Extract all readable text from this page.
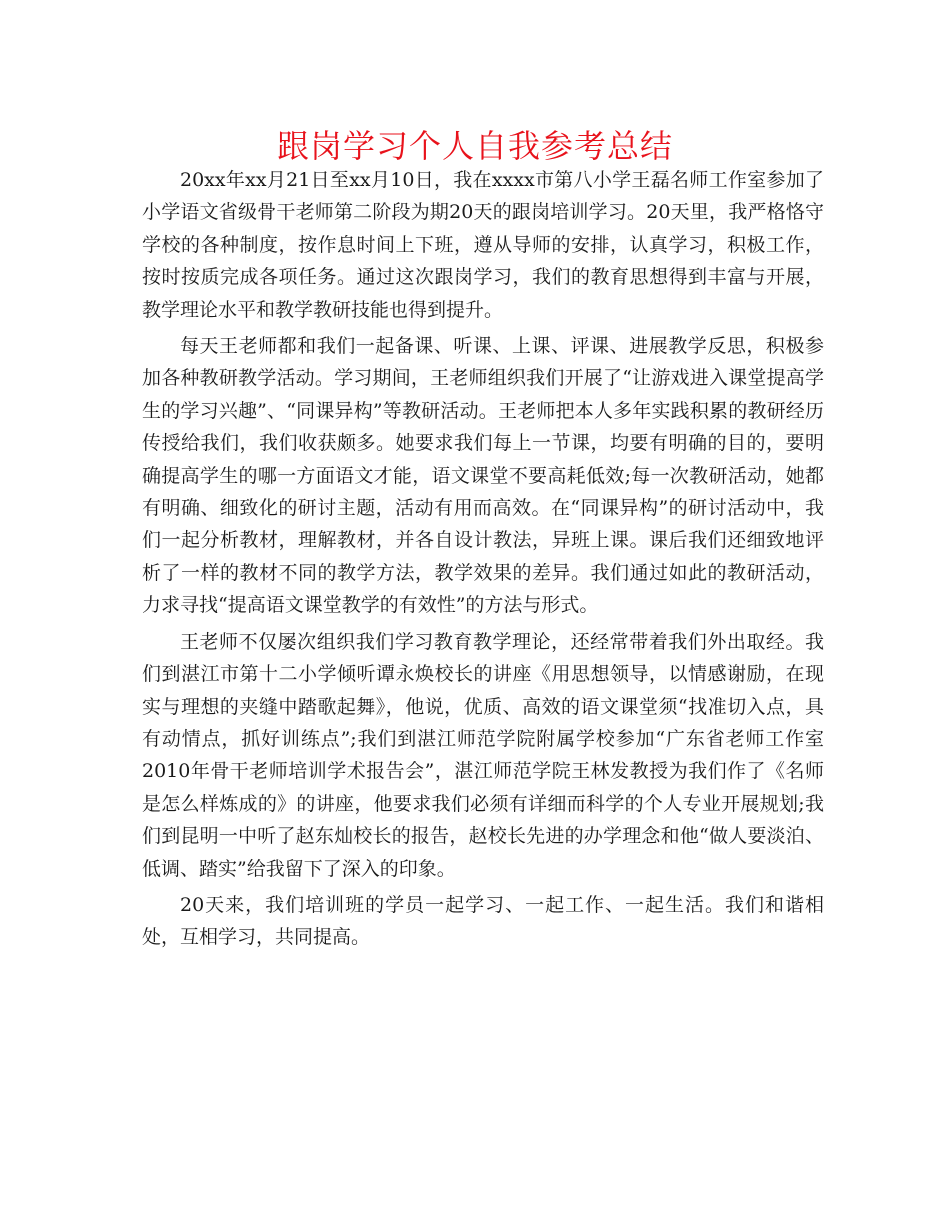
跟岗学习个人自我参考总结

20xx年xx月21日至xx月10日，我在xxxx市第八小学王磊名师工作室参加了小学语文省级骨干老师第二阶段为期20天的跟岗培训学习。20天里，我严格恪守学校的各种制度，按作息时间上下班，遵从导师的安排，认真学习，积极工作，按时按质完成各项任务。通过这次跟岗学习，我们的教育思想得到丰富与开展，教学理论水平和教学教研技能也得到提升。

每天王老师都和我们一起备课、听课、上课、评课、进展教学反思，积极参加各种教研教学活动。学习期间，王老师组织我们开展了“让游戏进入课堂提高学生的学习兴趣”、“同课异构”等教研活动。王老师把本人多年实践积累的教研经历传授给我们，我们收获颇多。她要求我们每上一节课，均要有明确的目的，要明确提高学生的哪一方面语文才能，语文课堂不要高耗低效;每一次教研活动，她都有明确、细致化的研讨主题，活动有用而高效。在“同课异构”的研讨活动中，我们一起分析教材，理解教材，并各自设计教法，异班上课。课后我们还细致地评析了一样的教材不同的教学方法，教学效果的差异。我们通过如此的教研活动，力求寻找“提高语文课堂教学的有效性”的方法与形式。

王老师不仅屡次组织我们学习教育教学理论，还经常带着我们外出取经。我们到湛江市第十二小学倾听谭永焕校长的讲座《用思想领导，以情感谢励，在现实与理想的夹缝中踏歌起舞》，他说，优质、高效的语文课堂须“找准切入点，具有动情点，抓好训练点”;我们到湛江师范学院附属学校参加“广东省老师工作室2010年骨干老师培训学术报告会”，湛江师范学院王林发教授为我们作了《名师是怎么样炼成的》的讲座，他要求我们必须有详细而科学的个人专业开展规划;我们到昆明一中听了赵东灿校长的报告，赵校长先进的办学理念和他“做人要淡泊、低调、踏实”给我留下了深入的印象。

20天来，我们培训班的学员一起学习、一起工作、一起生活。我们和谐相处，互相学习，共同提高。
